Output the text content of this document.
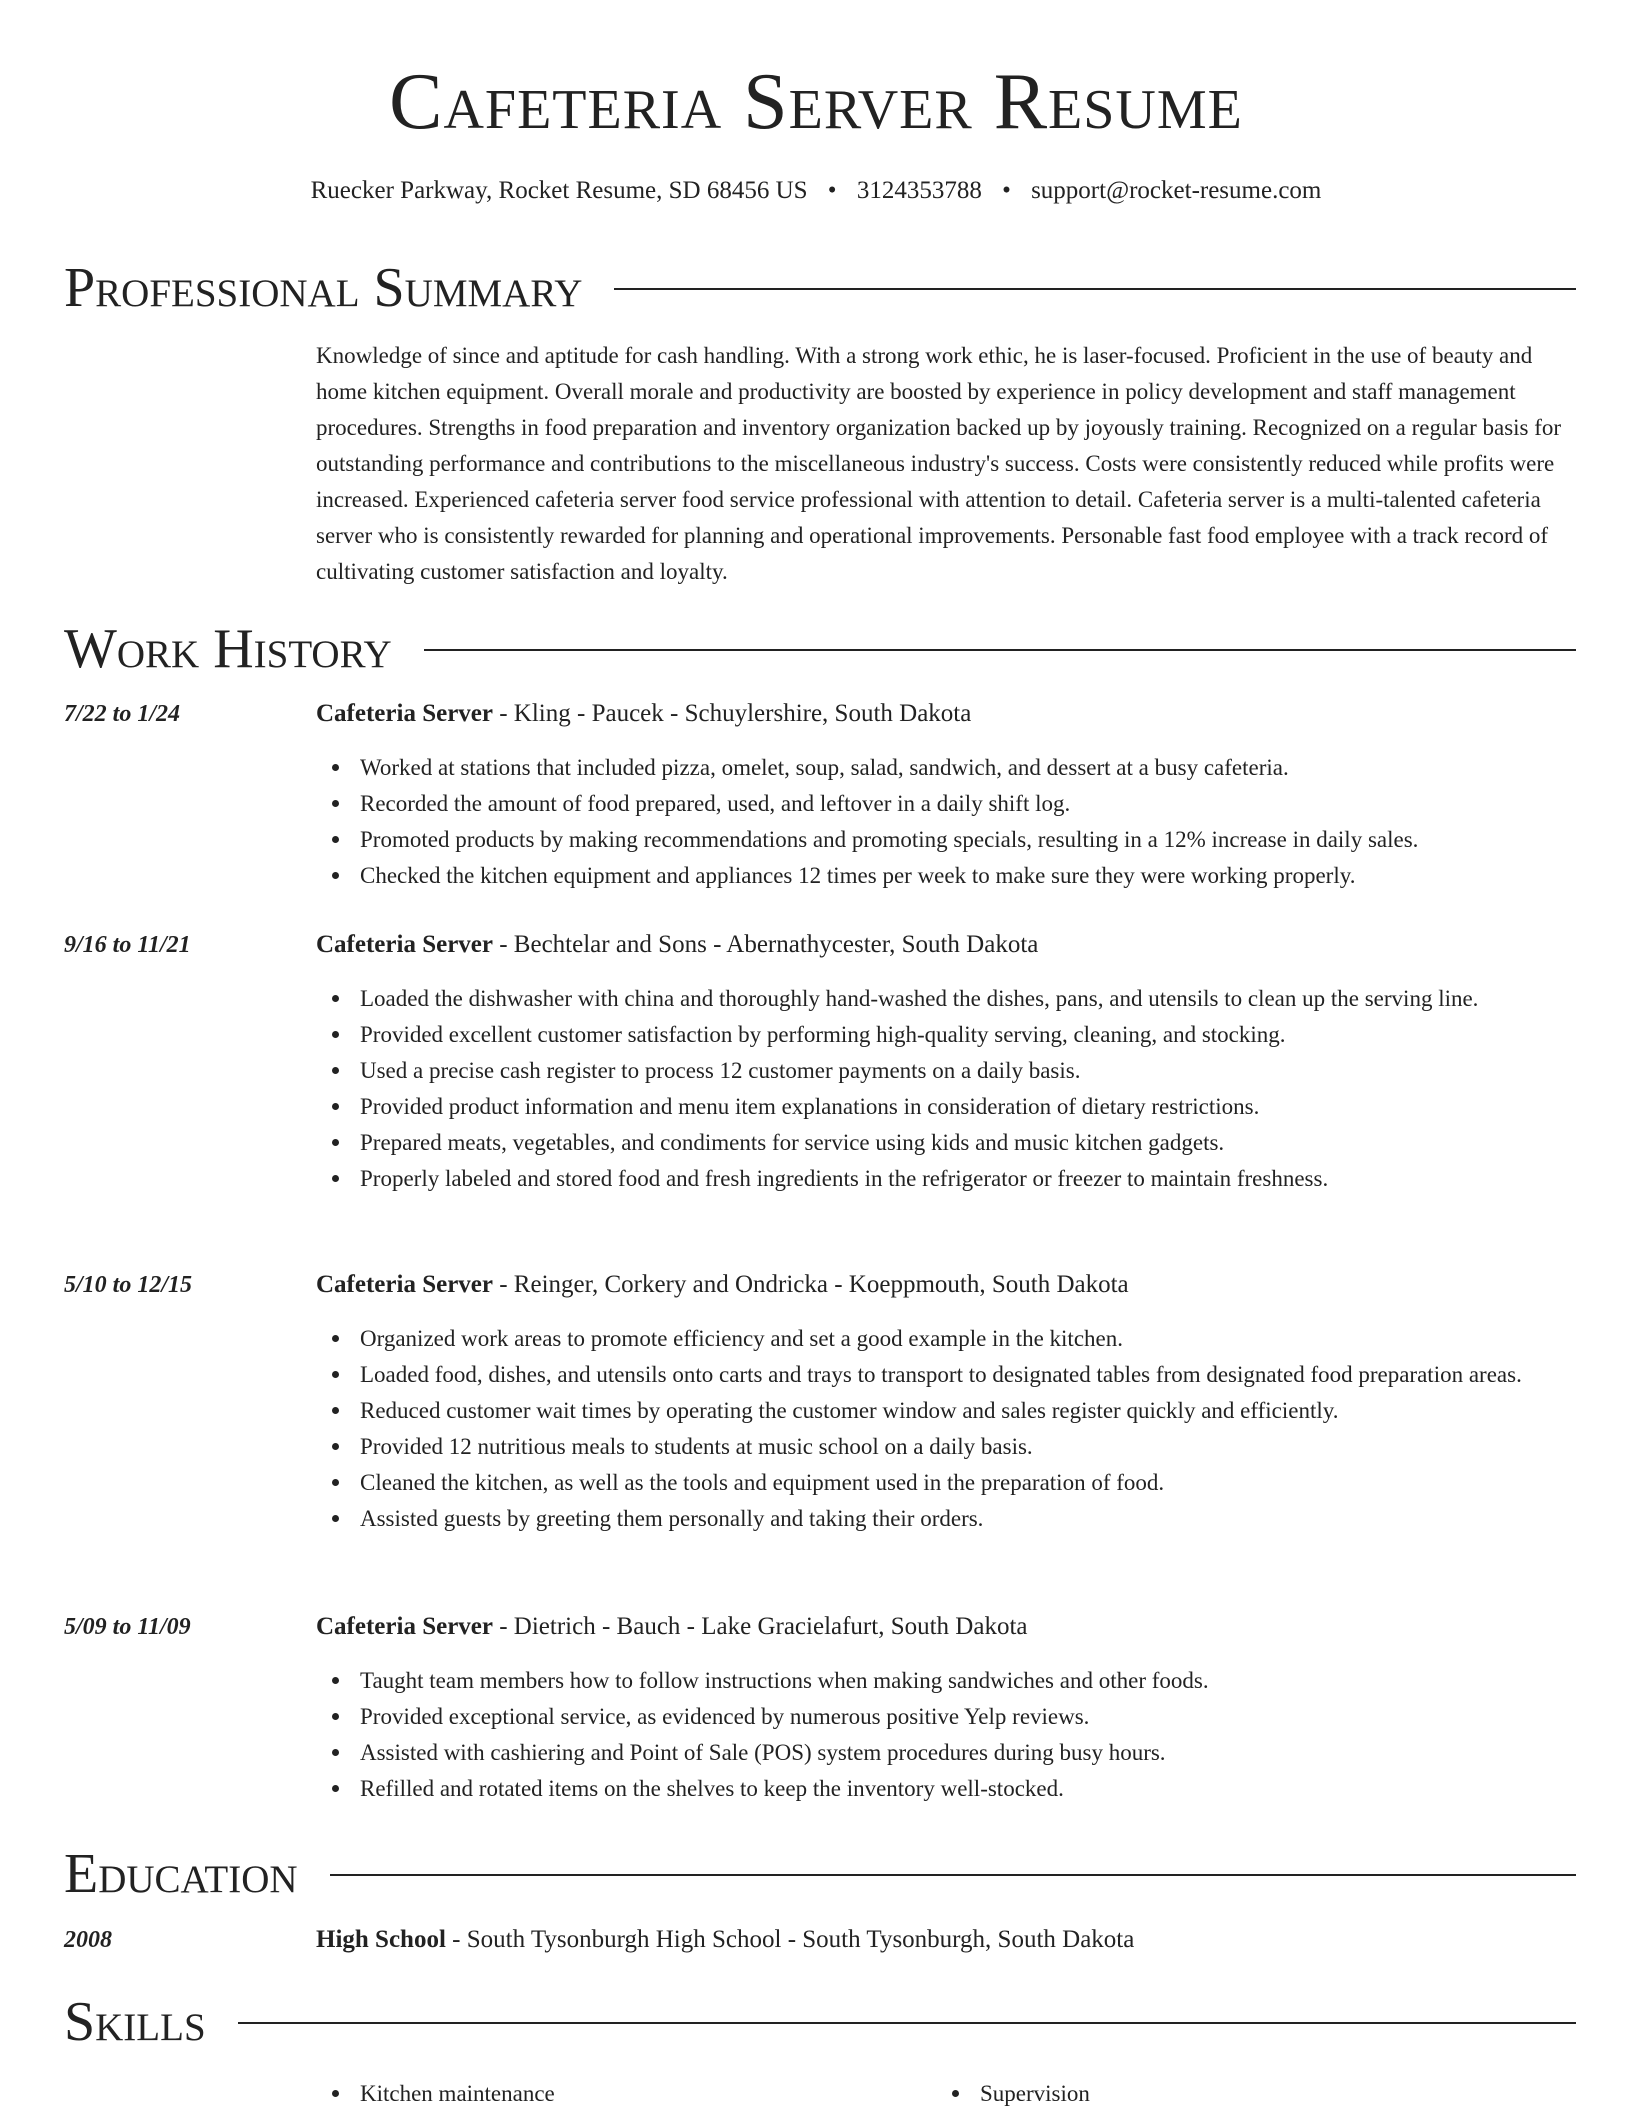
Cafeteria Server Resume
Ruecker Parkway, Rocket Resume, SD 68456 US • 3124353788 • support@rocket-resume.com
Professional Summary

Knowledge of since and aptitude for cash handling. With a strong work ethic, he is laser-focused. Proficient in the use of beauty and home kitchen equipment. Overall morale and productivity are boosted by experience in policy development and staff management procedures. Strengths in food preparation and inventory organization backed up by joyously training. Recognized on a regular basis for outstanding performance and contributions to the miscellaneous industry's success. Costs were consistently reduced while profits were increased. Experienced cafeteria server food service professional with attention to detail. Cafeteria server is a multi-talented cafeteria server who is consistently rewarded for planning and operational improvements. Personable fast food employee with a track record of cultivating customer satisfaction and loyalty.

Work History
7/22 to 1/24	Cafeteria Server - Kling - Paucek - Schuylershire, South Dakota
Worked at stations that included pizza, omelet, soup, salad, sandwich, and dessert at a busy cafeteria.
Recorded the amount of food prepared, used, and leftover in a daily shift log.
Promoted products by making recommendations and promoting specials, resulting in a 12% increase in daily sales.
Checked the kitchen equipment and appliances 12 times per week to make sure they were working properly.
9/16 to 11/21	Cafeteria Server - Bechtelar and Sons - Abernathycester, South Dakota
Loaded the dishwasher with china and thoroughly hand-washed the dishes, pans, and utensils to clean up the serving line.
Provided excellent customer satisfaction by performing high-quality serving, cleaning, and stocking.
Used a precise cash register to process 12 customer payments on a daily basis.
Provided product information and menu item explanations in consideration of dietary restrictions.
Prepared meats, vegetables, and condiments for service using kids and music kitchen gadgets.
Properly labeled and stored food and fresh ingredients in the refrigerator or freezer to maintain freshness.
5/10 to 12/15	Cafeteria Server - Reinger, Corkery and Ondricka - Koeppmouth, South Dakota
Organized work areas to promote efficiency and set a good example in the kitchen.
Loaded food, dishes, and utensils onto carts and trays to transport to designated tables from designated food preparation areas.
Reduced customer wait times by operating the customer window and sales register quickly and efficiently.
Provided 12 nutritious meals to students at music school on a daily basis.
Cleaned the kitchen, as well as the tools and equipment used in the preparation of food.
Assisted guests by greeting them personally and taking their orders.
5/09 to 11/09	Cafeteria Server - Dietrich - Bauch - Lake Gracielafurt, South Dakota
Taught team members how to follow instructions when making sandwiches and other foods.
Provided exceptional service, as evidenced by numerous positive Yelp reviews.
Assisted with cashiering and Point of Sale (POS) system procedures during busy hours.
Refilled and rotated items on the shelves to keep the inventory well-stocked.
Education
2008	High School - South Tysonburgh High School - South Tysonburgh, South Dakota
Skills
Kitchen maintenance	Supervision
